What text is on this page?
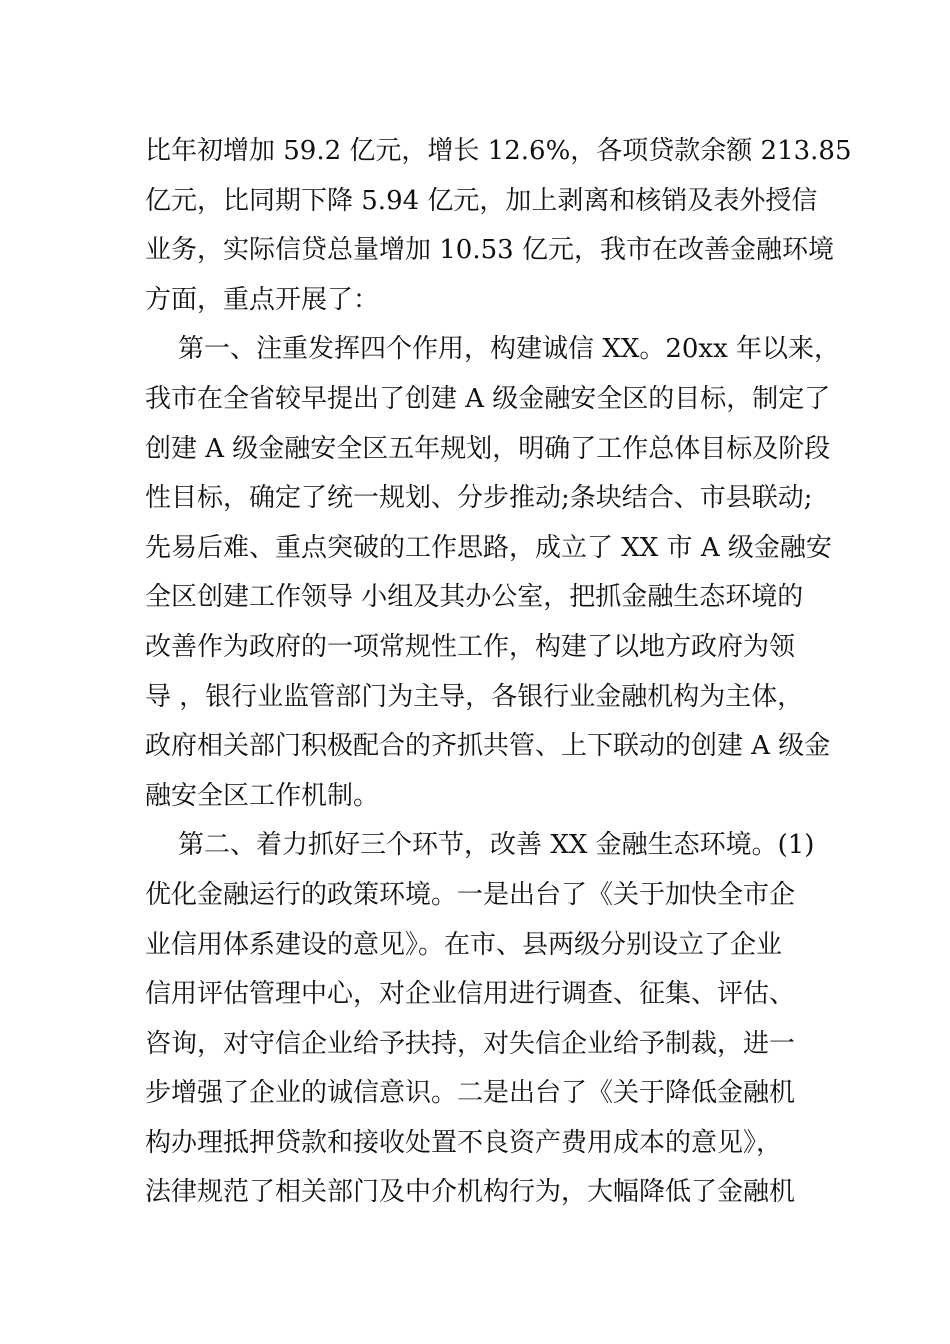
比年初增加 59.2 亿元，增长 12.6%，各项贷款余额 213.85
亿元，比同期下降 5.94 亿元，加上剥离和核销及表外授信
业务，实际信贷总量增加 10.53 亿元，我市在改善金融环境
方面，重点开展了：
第一、注重发挥四个作用，构建诚信 XX。20xx 年以来，
我市在全省较早提出了创建 A 级金融安全区的目标，制定了
创建 A 级金融安全区五年规划，明确了工作总体目标及阶段
性目标，确定了统一规划、分步推动;条块结合、市县联动;
先易后难、重点突破的工作思路，成立了 XX 市 A 级金融安
全区创建工作领导 小组及其办公室，把抓金融生态环境的
改善作为政府的一项常规性工作，构建了以地方政府为领
导 ，银行业监管部门为主导，各银行业金融机构为主体，
政府相关部门积极配合的齐抓共管、上下联动的创建 A 级金
融安全区工作机制。
第二、着力抓好三个环节，改善 XX 金融生态环境。(1)
优化金融运行的政策环境。一是出台了《关于加快全市企
业信用体系建设的意见》。在市、县两级分别设立了企业
信用评估管理中心，对企业信用进行调查、征集、评估、
咨询，对守信企业给予扶持，对失信企业给予制裁，进一
步增强了企业的诚信意识。二是出台了《关于降低金融机
构办理抵押贷款和接收处置不良资产费用成本的意见》，
法律规范了相关部门及中介机构行为，大幅降低了金融机
